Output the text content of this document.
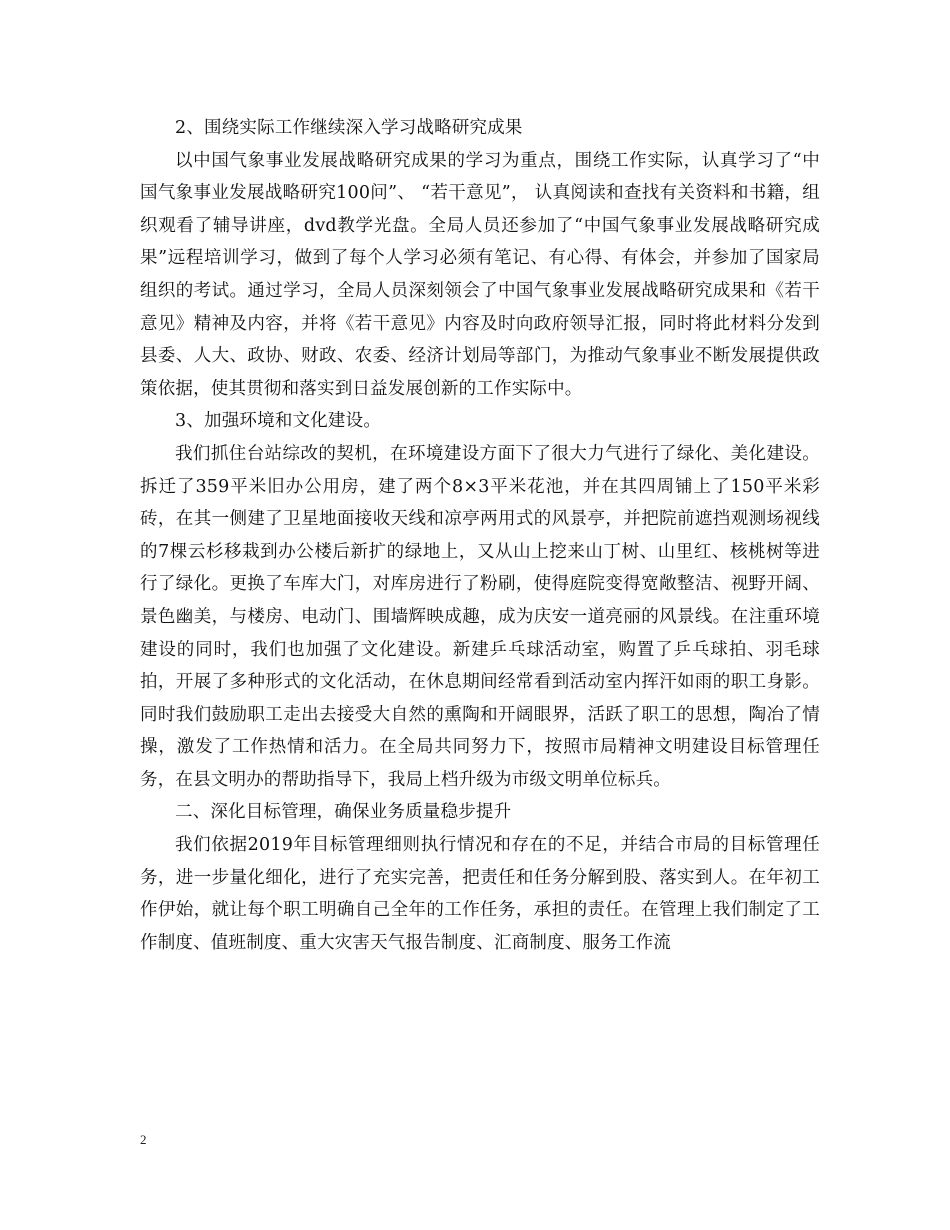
2、围绕实际工作继续深入学习战略研究成果

以中国气象事业发展战略研究成果的学习为重点，围绕工作实际，认真学习了“中国气象事业发展战略研究100问”、 “若干意见”， 认真阅读和查找有关资料和书籍，组织观看了辅导讲座，dvd教学光盘。全局人员还参加了“中国气象事业发展战略研究成果”远程培训学习，做到了每个人学习必须有笔记、有心得、有体会，并参加了国家局组织的考试。通过学习，全局人员深刻领会了中国气象事业发展战略研究成果和《若干意见》精神及内容，并将《若干意见》内容及时向政府领导汇报，同时将此材料分发到县委、人大、政协、财政、农委、经济计划局等部门，为推动气象事业不断发展提供政策依据，使其贯彻和落实到日益发展创新的工作实际中。

3、加强环境和文化建设。

我们抓住台站综改的契机，在环境建设方面下了很大力气进行了绿化、美化建设。拆迁了359平米旧办公用房，建了两个8×3平米花池，并在其四周铺上了150平米彩砖，在其一侧建了卫星地面接收天线和凉亭两用式的风景亭，并把院前遮挡观测场视线的7棵云杉移栽到办公楼后新扩的绿地上，又从山上挖来山丁树、山里红、核桃树等进行了绿化。更换了车库大门，对库房进行了粉刷，使得庭院变得宽敞整洁、视野开阔、景色幽美，与楼房、电动门、围墙辉映成趣，成为庆安一道亮丽的风景线。在注重环境建设的同时，我们也加强了文化建设。新建乒乓球活动室，购置了乒乓球拍、羽毛球拍，开展了多种形式的文化活动，在休息期间经常看到活动室内挥汗如雨的职工身影。同时我们鼓励职工走出去接受大自然的熏陶和开阔眼界，活跃了职工的思想，陶冶了情操，激发了工作热情和活力。在全局共同努力下，按照市局精神文明建设目标管理任务，在县文明办的帮助指导下，我局上档升级为市级文明单位标兵。

二、深化目标管理，确保业务质量稳步提升

我们依据2019年目标管理细则执行情况和存在的不足，并结合市局的目标管理任务，进一步量化细化，进行了充实完善，把责任和任务分解到股、落实到人。在年初工作伊始，就让每个职工明确自己全年的工作任务，承担的责任。在管理上我们制定了工作制度、值班制度、重大灾害天气报告制度、汇商制度、服务工作流

2
